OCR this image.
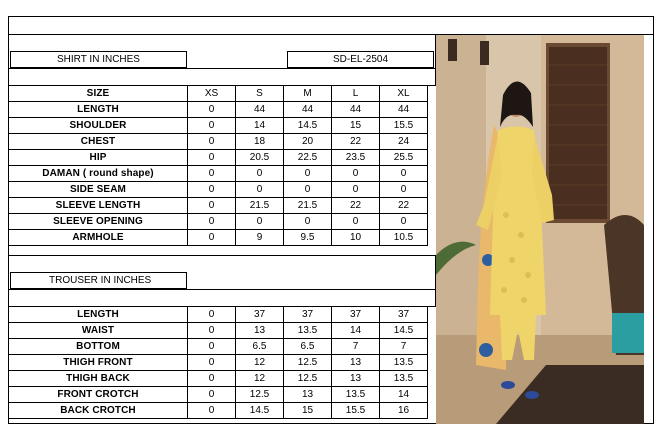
SHIRT IN INCHES	SD-EL-2504
SIZE	XS	S	M	L	XL
LENGTH	0	44	44	44	44
SHOULDER	0	14	14.5	15	15.5
CHEST	0	18	20	22	24
HIP	0	20.5	22.5	23.5	25.5
DAMAN ( round shape)	0	0	0	0	0
SIDE SEAM	0	0	0	0	0
SLEEVE LENGTH	0	21.5	21.5	22	22
SLEEVE OPENING	0	0	0	0	0
ARMHOLE	0	9	9.5	10	10.5
TROUSER IN INCHES
LENGTH	0	37	37	37	37
WAIST	0	13	13.5	14	14.5
BOTTOM	0	6.5	6.5	7	7
THIGH FRONT	0	12	12.5	13	13.5
THIGH BACK	0	12	12.5	13	13.5
FRONT CROTCH	0	12.5	13	13.5	14
BACK CROTCH	0	14.5	15	15.5	16
